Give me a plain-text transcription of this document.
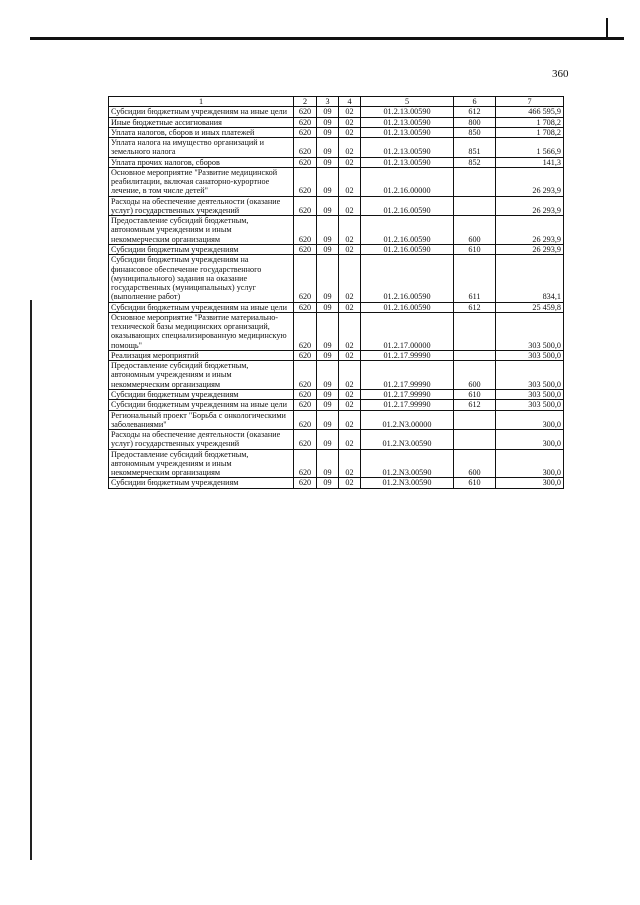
360
1	2	3	4	5	6	7
Субсидии бюджетным учреждениям на иные цели	620	09	02	01.2.13.00590	612	466 595,9
Иные бюджетные ассигнования	620	09	02	01.2.13.00590	800	1 708,2
Уплата налогов, сборов и иных платежей	620	09	02	01.2.13.00590	850	1 708,2
Уплата налога на имущество организаций и земельного налога	620	09	02	01.2.13.00590	851	1 566,9
Уплата прочих налогов, сборов	620	09	02	01.2.13.00590	852	141,3
Основное мероприятие "Развитие медицинской реабилитации, включая санаторно-курортное лечение, в том числе детей"	620	09	02	01.2.16.00000		26 293,9
Расходы на обеспечение деятельности (оказание услуг) государственных учреждений	620	09	02	01.2.16.00590		26 293,9
Предоставление субсидий бюджетным, автономным учреждениям и иным некоммерческим организациям	620	09	02	01.2.16.00590	600	26 293,9
Субсидии бюджетным учреждениям	620	09	02	01.2.16.00590	610	26 293,9
Субсидии бюджетным учреждениям на финансовое обеспечение государственного (муниципального) задания на оказание государственных (муниципальных) услуг (выполнение работ)	620	09	02	01.2.16.00590	611	834,1
Субсидии бюджетным учреждениям на иные цели	620	09	02	01.2.16.00590	612	25 459,8
Основное мероприятие "Развитие материально-технической базы медицинских организаций, оказывающих специализированную медицинскую помощь"	620	09	02	01.2.17.00000		303 500,0
Реализация мероприятий	620	09	02	01.2.17.99990		303 500,0
Предоставление субсидий бюджетным, автономным учреждениям и иным некоммерческим организациям	620	09	02	01.2.17.99990	600	303 500,0
Субсидии бюджетным учреждениям	620	09	02	01.2.17.99990	610	303 500,0
Субсидии бюджетным учреждениям на иные цели	620	09	02	01.2.17.99990	612	303 500,0
Региональный проект "Борьба с онкологическими заболеваниями"	620	09	02	01.2.N3.00000		300,0
Расходы на обеспечение деятельности (оказание услуг) государственных учреждений	620	09	02	01.2.N3.00590		300,0
Предоставление субсидий бюджетным, автономным учреждениям и иным некоммерческим организациям	620	09	02	01.2.N3.00590	600	300,0
Субсидии бюджетным учреждениям	620	09	02	01.2.N3.00590	610	300,0
